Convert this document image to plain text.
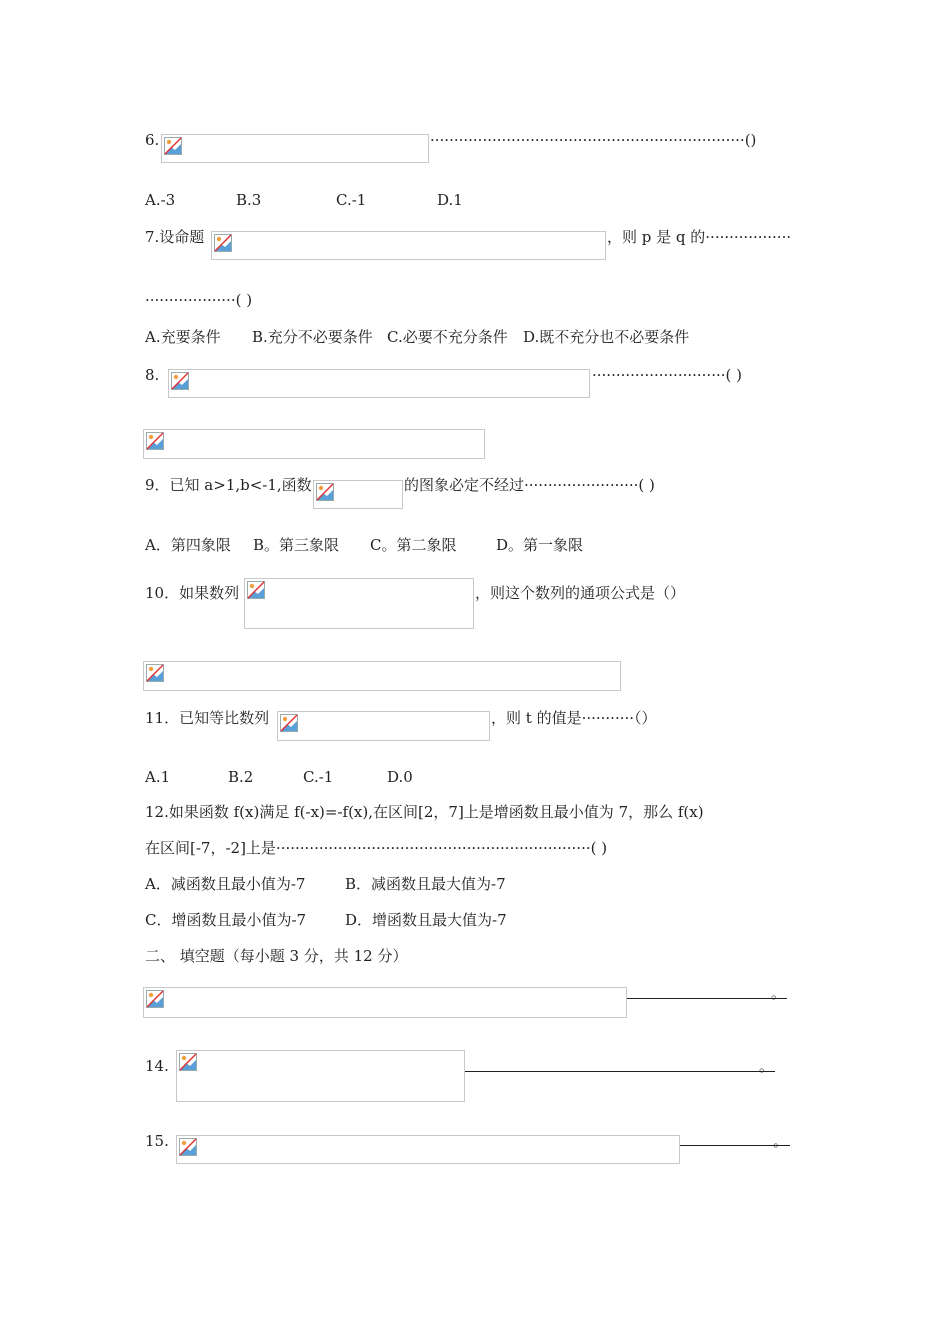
6.	··································································()
A.-3	B.3	C.-1	D.1
7.设命题	，则 p 是 q 的··················
···················( )
A.充要条件 B.充分不必要条件 C.必要不充分条件 D.既不充分也不必要条件
8.	····························( )
9．已知 a>1,b<-1,函数	的图象必定不经过························( )
A．第四象限 B。第三象限 C。第二象限	D。第一象限
10．如果数列	，则这个数列的通项公式是（）
11．已知等比数列	，则 t 的值是···········（）
A.1	B.2	C.-1	D.0
12.如果函数 f(x)满足 f(-x)=-f(x),在区间[2，7]上是增函数且最小值为 7，那么 f(x)
在区间[-7，-2]上是··································································( )
A．减函数且最小值为-7	B．减函数且最大值为-7
C．增函数且最小值为-7	D．增函数且最大值为-7
二、 填空题（每小题 3 分，共 12 分）
。
14.	。
15.	。
